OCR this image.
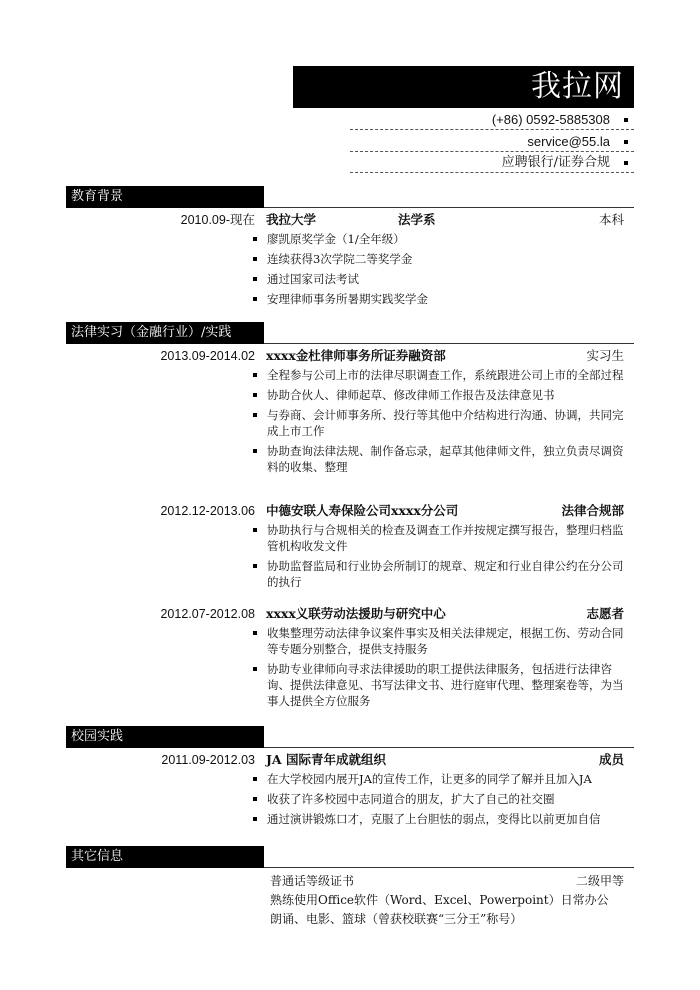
我拉网
(+86) 0592-5885308
service@55.la
应聘银行/证券合规
教育背景
2010.09-现在 我拉大学	法学系	本科
廖凯原奖学金（1/全年级）
连续获得3次学院二等奖学金
通过国家司法考试
安理律师事务所暑期实践奖学金
法律实习（金融行业）/实践
2013.09-2014.02 xxxx金杜律师事务所证券融资部	实习生
全程参与公司上市的法律尽职调查工作，系统跟进公司上市的全部过程
协助合伙人、律师起草、修改律师工作报告及法律意见书
与券商、会计师事务所、投行等其他中介结构进行沟通、协调，共同完成上市工作
协助查询法律法规、制作备忘录，起草其他律师文件，独立负责尽调资料的收集、整理
2012.12-2013.06 中德安联人寿保险公司xxxx分公司	法律合规部
协助执行与合规相关的检查及调查工作并按规定撰写报告，整理归档监管机构收发文件
协助监督监局和行业协会所制订的规章、规定和行业自律公约在分公司的执行
2012.07-2012.08 xxxx义联劳动法援助与研究中心	志愿者
收集整理劳动法律争议案件事实及相关法律规定，根据工伤、劳动合同等专题分别整合，提供支持服务
协助专业律师向寻求法律援助的职工提供法律服务，包括进行法律咨询、提供法律意见、书写法律文书、进行庭审代理、整理案卷等，为当事人提供全方位服务
校园实践
2011.09-2012.03 JA 国际青年成就组织	成员
在大学校园内展开JA的宣传工作，让更多的同学了解并且加入JA
收获了许多校园中志同道合的朋友，扩大了自己的社交圈
通过演讲锻炼口才，克服了上台胆怯的弱点，变得比以前更加自信
其它信息
普通话等级证书	二级甲等
熟练使用Office软件（Word、Excel、Powerpoint）日常办公
朗诵、电影、篮球（曾获校联赛“三分王”称号）
